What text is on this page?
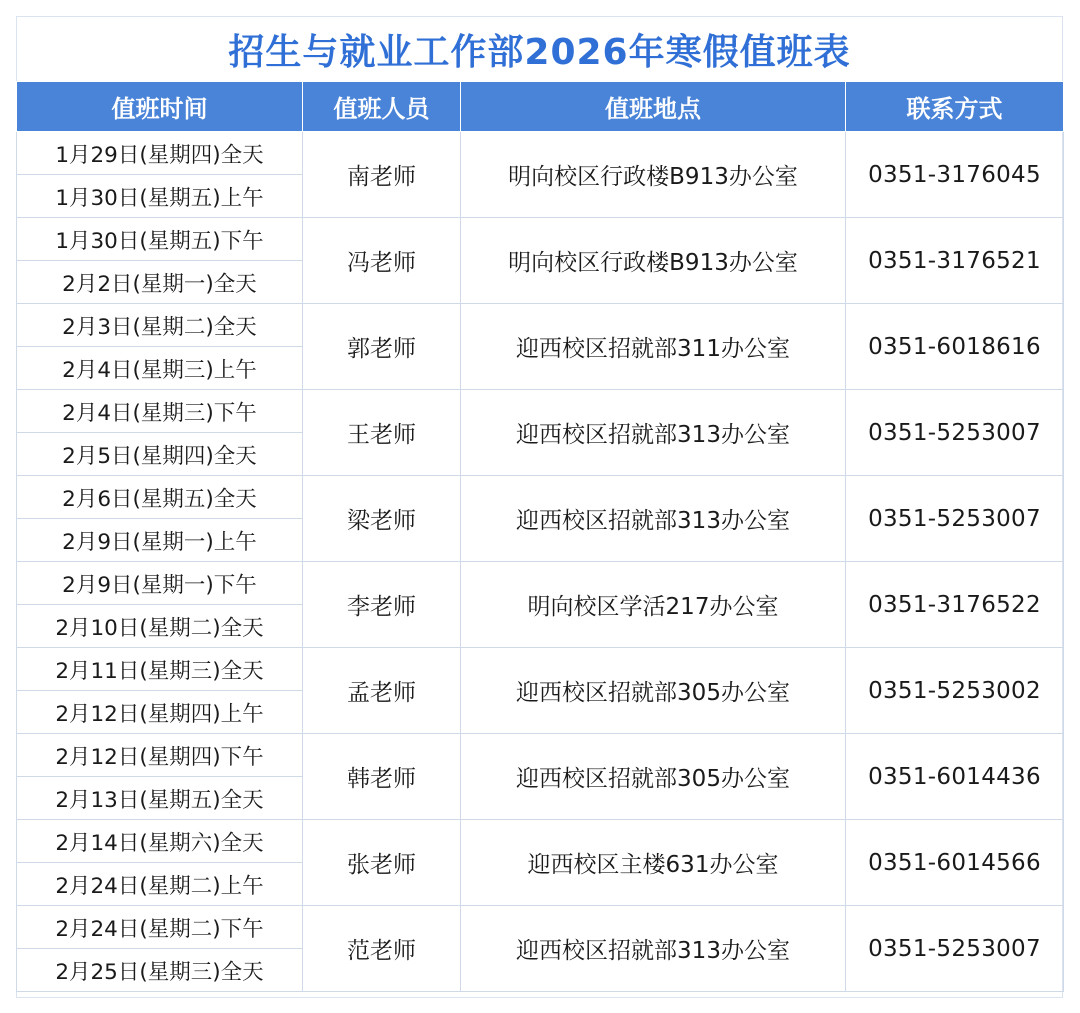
招生与就业工作部2026年寒假值班表
值班时间	值班人员	值班地点	联系方式
1月29日(星期四)全天	南老师	明向校区行政楼B913办公室	0351-3176045
1月30日(星期五)上午			
1月30日(星期五)下午	冯老师	明向校区行政楼B913办公室	0351-3176521
2月2日(星期一)全天			
2月3日(星期二)全天	郭老师	迎西校区招就部311办公室	0351-6018616
2月4日(星期三)上午			
2月4日(星期三)下午	王老师	迎西校区招就部313办公室	0351-5253007
2月5日(星期四)全天			
2月6日(星期五)全天	梁老师	迎西校区招就部313办公室	0351-5253007
2月9日(星期一)上午			
2月9日(星期一)下午	李老师	明向校区学活217办公室	0351-3176522
2月10日(星期二)全天			
2月11日(星期三)全天	孟老师	迎西校区招就部305办公室	0351-5253002
2月12日(星期四)上午			
2月12日(星期四)下午	韩老师	迎西校区招就部305办公室	0351-6014436
2月13日(星期五)全天			
2月14日(星期六)全天	张老师	迎西校区主楼631办公室	0351-6014566
2月24日(星期二)上午			
2月24日(星期二)下午	范老师	迎西校区招就部313办公室	0351-5253007
2月25日(星期三)全天			
